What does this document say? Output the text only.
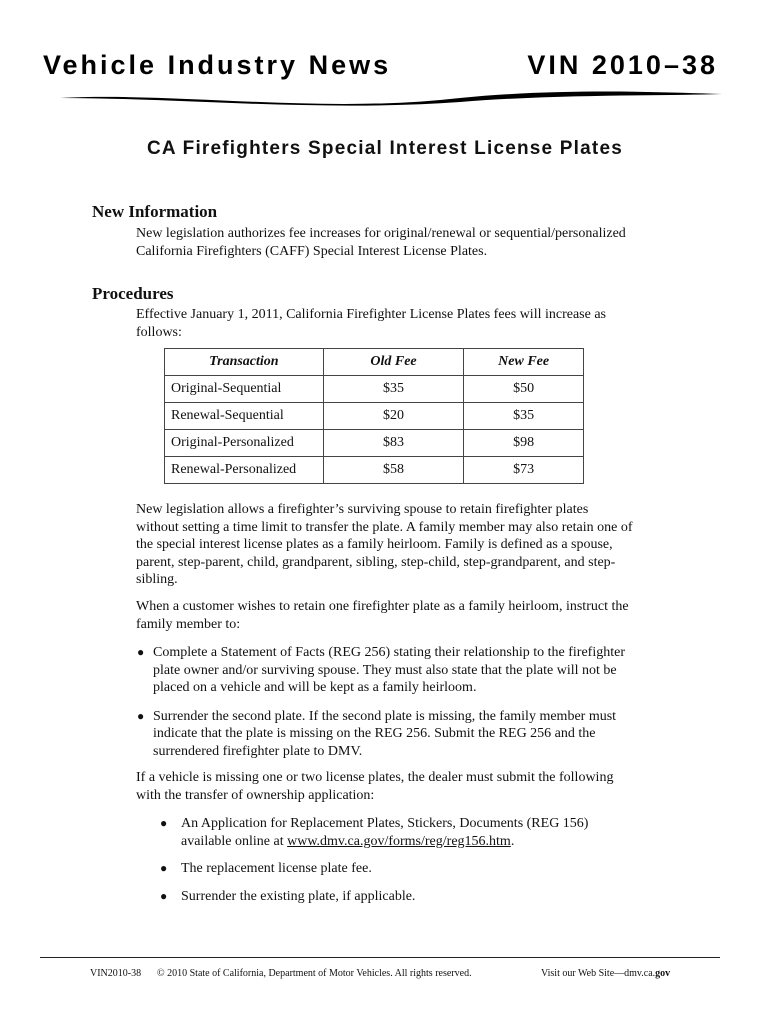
Vehicle Industry News	VIN 2010–38
CA Firefighters Special Interest License Plates
New Information
New legislation authorizes fee increases for original/renewal or sequential/personalized
California Firefighters (CAFF) Special Interest License Plates.
Procedures
Effective January 1, 2011, California Firefighter License Plates fees will increase as
follows:
Transaction	Old Fee	New Fee
Original-Sequential	$35	$50
Renewal-Sequential	$20	$35
Original-Personalized	$83	$98
Renewal-Personalized	$58	$73
New legislation allows a firefighter’s surviving spouse to retain firefighter plates
without setting a time limit to transfer the plate. A family member may also retain one of
the special interest license plates as a family heirloom. Family is defined as a spouse,
parent, step-parent, child, grandparent, sibling, step-child, step-grandparent, and step-
sibling.
When a customer wishes to retain one firefighter plate as a family heirloom, instruct the
family member to:
● Complete a Statement of Facts (REG 256) stating their relationship to the firefighter
plate owner and/or surviving spouse. They must also state that the plate will not be
placed on a vehicle and will be kept as a family heirloom.
● Surrender the second plate. If the second plate is missing, the family member must
indicate that the plate is missing on the REG 256. Submit the REG 256 and the
surrendered firefighter plate to DMV.
If a vehicle is missing one or two license plates, the dealer must submit the following
with the transfer of ownership application:
● An Application for Replacement Plates, Stickers, Documents (REG 156)
available online at www.dmv.ca.gov/forms/reg/reg156.htm.
● The replacement license plate fee.
● Surrender the existing plate, if applicable.
VIN2010-38 © 2010 State of California, Department of Motor Vehicles. All rights reserved.	Visit our Web Site—dmv.ca.gov
